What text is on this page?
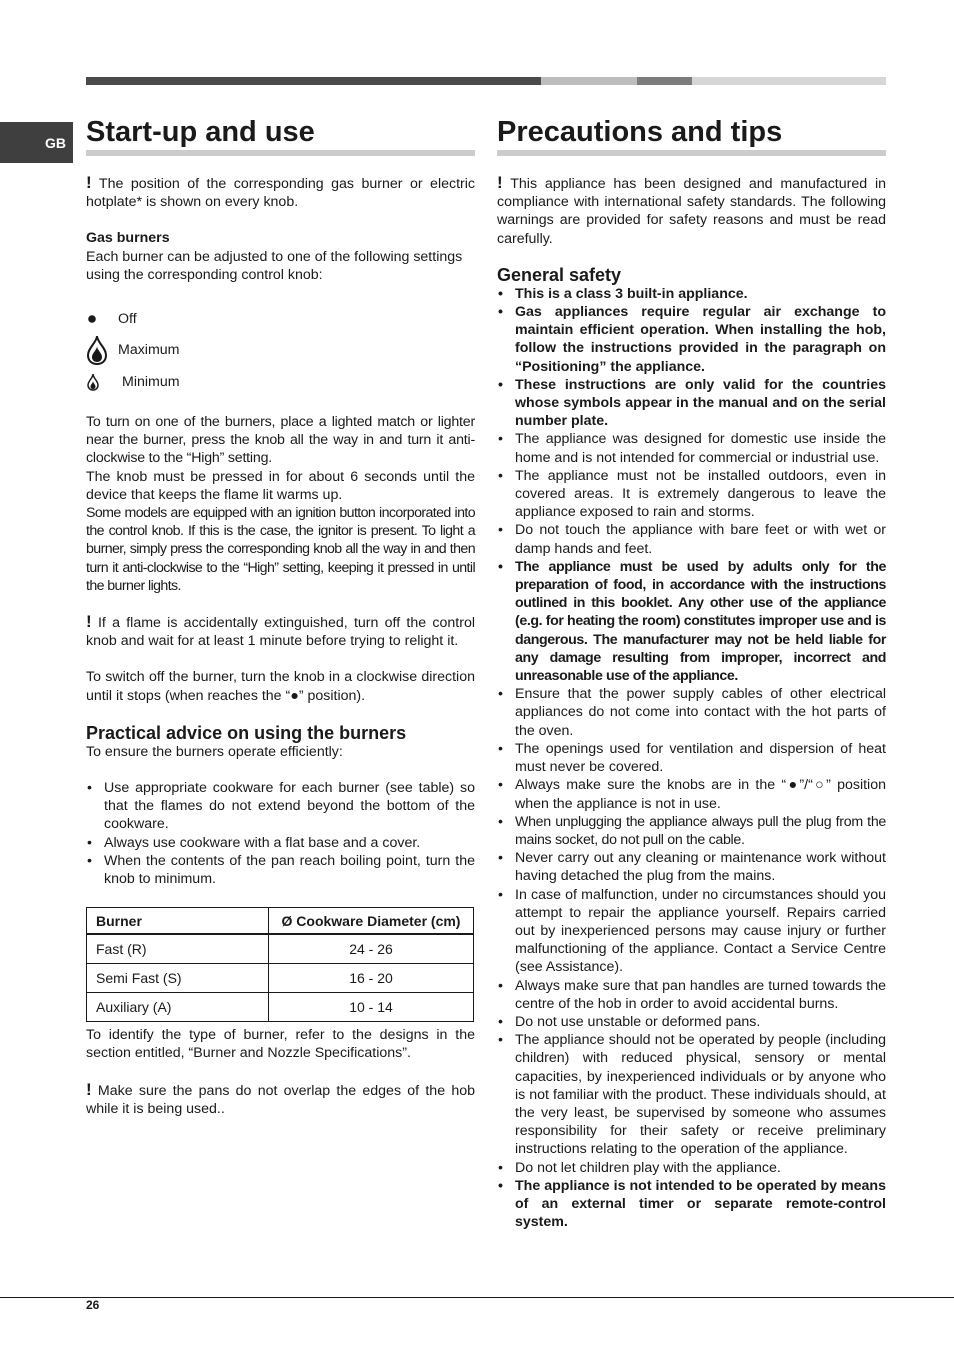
GB Start-up and use

! The position of the corresponding gas burner or electric hotplate* is shown on every knob.

Gas burners

Each burner can be adjusted to one of the following settings using the corresponding control knob:

Off
Maximum
Minimum

To turn on one of the burners, place a lighted match or lighter near the burner, press the knob all the way in and turn it anti-clockwise to the “High” setting.

The knob must be pressed in for about 6 seconds until the device that keeps the flame lit warms up.

Some models are equipped with an ignition button incorporated into the control knob. If this is the case, the ignitor is present. To light a burner, simply press the corresponding knob all the way in and then turn it anti-clockwise to the “High” setting, keeping it pressed in until the burner lights.

! If a flame is accidentally extinguished, turn off the control knob and wait for at least 1 minute before trying to relight it.

To switch off the burner, turn the knob in a clockwise direction until it stops (when reaches the “●” position).

Practical advice on using the burners

To ensure the burners operate efficiently:

• Use appropriate cookware for each burner (see table) so that the flames do not extend beyond the bottom of the cookware.
• Always use cookware with a flat base and a cover.
• When the contents of the pan reach boiling point, turn the knob to minimum.
Burner	Ø Cookware Diameter (cm)
Fast (R)	24 - 26
Semi Fast (S)	16 - 20
Auxiliary (A)	10 - 14

To identify the type of burner, refer to the designs in the section entitled, “Burner and Nozzle Specifications”.

! Make sure the pans do not overlap the edges of the hob while it is being used..

Precautions and tips

! This appliance has been designed and manufactured in compliance with international safety standards. The following warnings are provided for safety reasons and must be read carefully.

General safety
• This is a class 3 built-in appliance.
• Gas appliances require regular air exchange to maintain efficient operation. When installing the hob, follow the instructions provided in the paragraph on “Positioning” the appliance.
• These instructions are only valid for the countries whose symbols appear in the manual and on the serial number plate.
• The appliance was designed for domestic use inside the home and is not intended for commercial or industrial use.
• The appliance must not be installed outdoors, even in covered areas. It is extremely dangerous to leave the appliance exposed to rain and storms.
• Do not touch the appliance with bare feet or with wet or damp hands and feet.
• The appliance must be used by adults only for the preparation of food, in accordance with the instructions outlined in this booklet. Any other use of the appliance (e.g. for heating the room) constitutes improper use and is dangerous. The manufacturer may not be held liable for any damage resulting from improper, incorrect and unreasonable use of the appliance.
• Ensure that the power supply cables of other electrical appliances do not come into contact with the hot parts of the oven.
• The openings used for ventilation and dispersion of heat must never be covered.
• Always make sure the knobs are in the “●”/“○” position when the appliance is not in use.
• When unplugging the appliance always pull the plug from the mains socket, do not pull on the cable.
• Never carry out any cleaning or maintenance work without having detached the plug from the mains.
• In case of malfunction, under no circumstances should you attempt to repair the appliance yourself. Repairs carried out by inexperienced persons may cause injury or further malfunctioning of the appliance. Contact a Service Centre (see Assistance).
• Always make sure that pan handles are turned towards the centre of the hob in order to avoid accidental burns.
• Do not use unstable or deformed pans.
• The appliance should not be operated by people (including children) with reduced physical, sensory or mental capacities, by inexperienced individuals or by anyone who is not familiar with the product. These individuals should, at the very least, be supervised by someone who assumes responsibility for their safety or receive preliminary instructions relating to the operation of the appliance.
• Do not let children play with the appliance.
• The appliance is not intended to be operated by means of an external timer or separate remote-control system.
26
